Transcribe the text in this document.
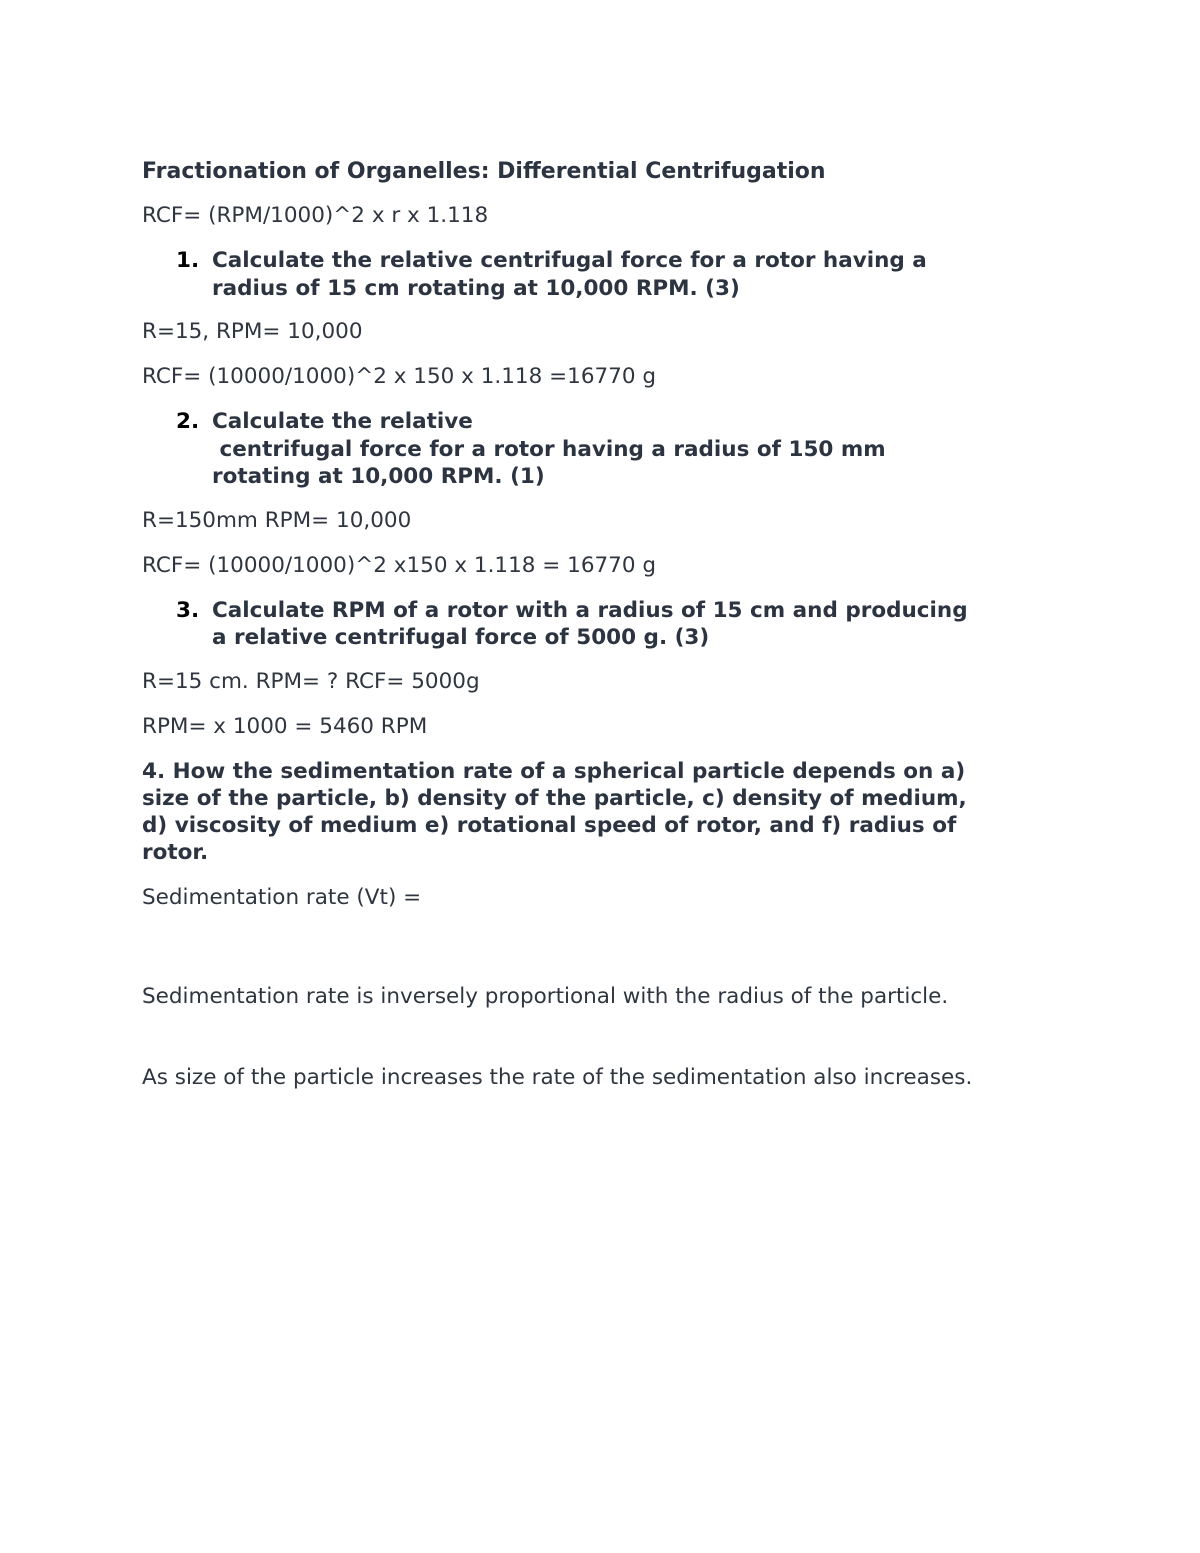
Fractionation of Organelles: Differential Centrifugation
RCF= (RPM/1000)^2 x r x 1.118
1. Calculate the relative centrifugal force for a rotor having a
radius of 15 cm rotating at 10,000 RPM. (3)
R=15, RPM= 10,000
RCF= (10000/1000)^2 x 150 x 1.118 =16770 g
2. Calculate the relative
centrifugal force for a rotor having a radius of 150 mm
rotating at 10,000 RPM. (1)
R=150mm RPM= 10,000
RCF= (10000/1000)^2 x150 x 1.118 = 16770 g
3. Calculate RPM of a rotor with a radius of 15 cm and producing
a relative centrifugal force of 5000 g. (3)
R=15 cm. RPM= ? RCF= 5000g
RPM= x 1000 = 5460 RPM
4. How the sedimentation rate of a spherical particle depends on a)
size of the particle, b) density of the particle, c) density of medium,
d) viscosity of medium e) rotational speed of rotor, and f) radius of
rotor.
Sedimentation rate (Vt) =

Sedimentation rate is inversely proportional with the radius of the particle.

As size of the particle increases the rate of the sedimentation also increases.
